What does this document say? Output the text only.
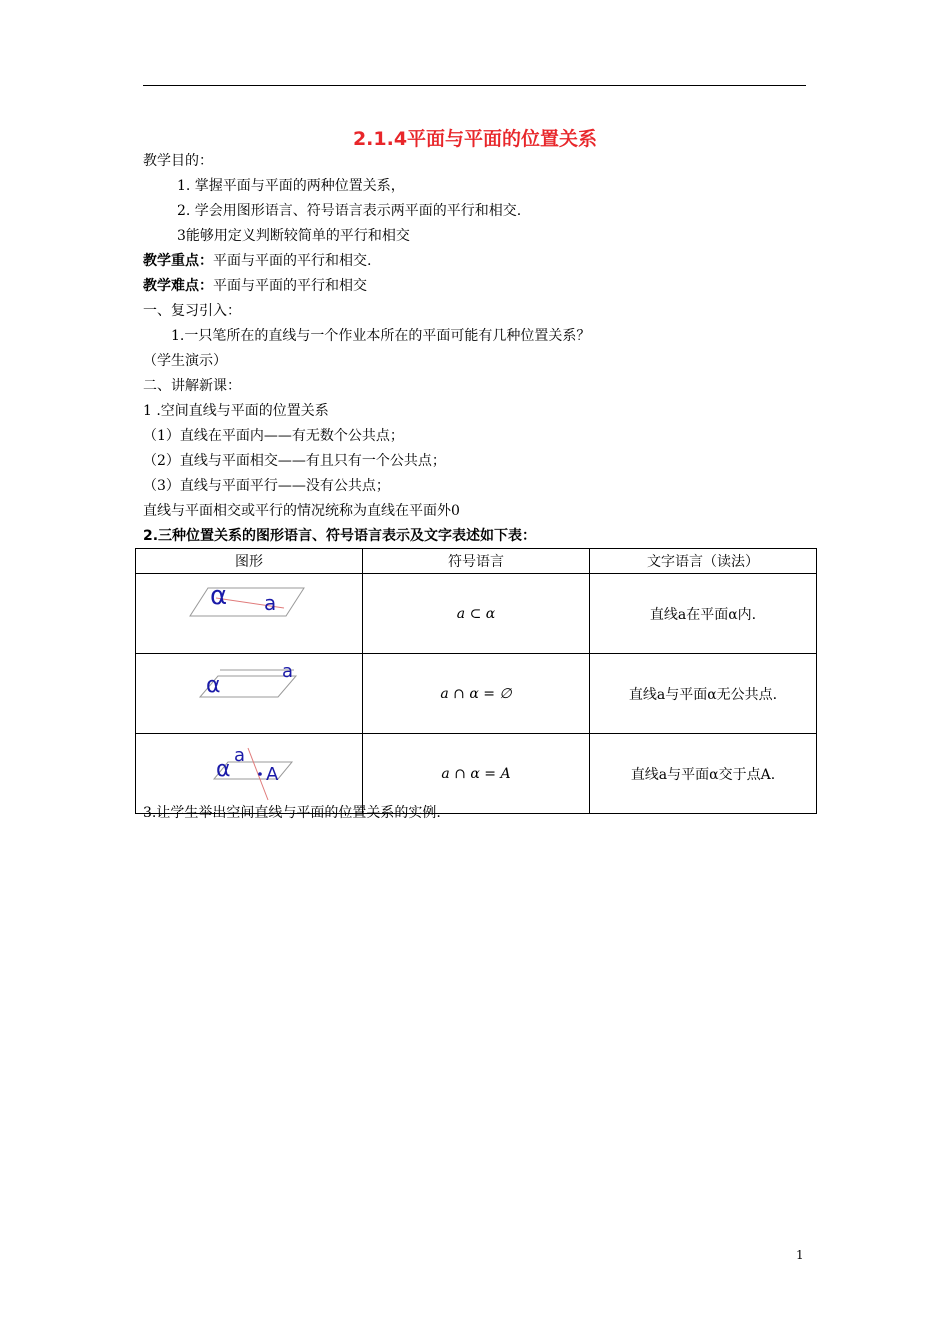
2.1.4平面与平面的位置关系
教学目的：
1. 掌握平面与平面的两种位置关系，
2. 学会用图形语言、符号语言表示两平面的平行和相交.
3能够用定义判断较简单的平行和相交
教学重点：平面与平面的平行和相交.
教学难点：平面与平面的平行和相交
一、复习引入：
1.一只笔所在的直线与一个作业本所在的平面可能有几种位置关系？
（学生演示）
二、讲解新课：
1 .空间直线与平面的位置关系
（1）直线在平面内——有无数个公共点；
（2）直线与平面相交——有且只有一个公共点；
（3）直线与平面平行——没有公共点；
直线与平面相交或平行的情况统称为直线在平面外0
2.三种位置关系的图形语言、符号语言表示及文字表述如下表：
图形	符号语言	文字语言（读法）

α a	a ⊂ α	直线a在平面α内.

α
a	a ∩ α = ∅	直线a与平面α无公共点.

α
a
A	a ∩ α = A	直线a与平面α交于点A.
3.让学生举出空间直线与平面的位置关系的实例.
1
